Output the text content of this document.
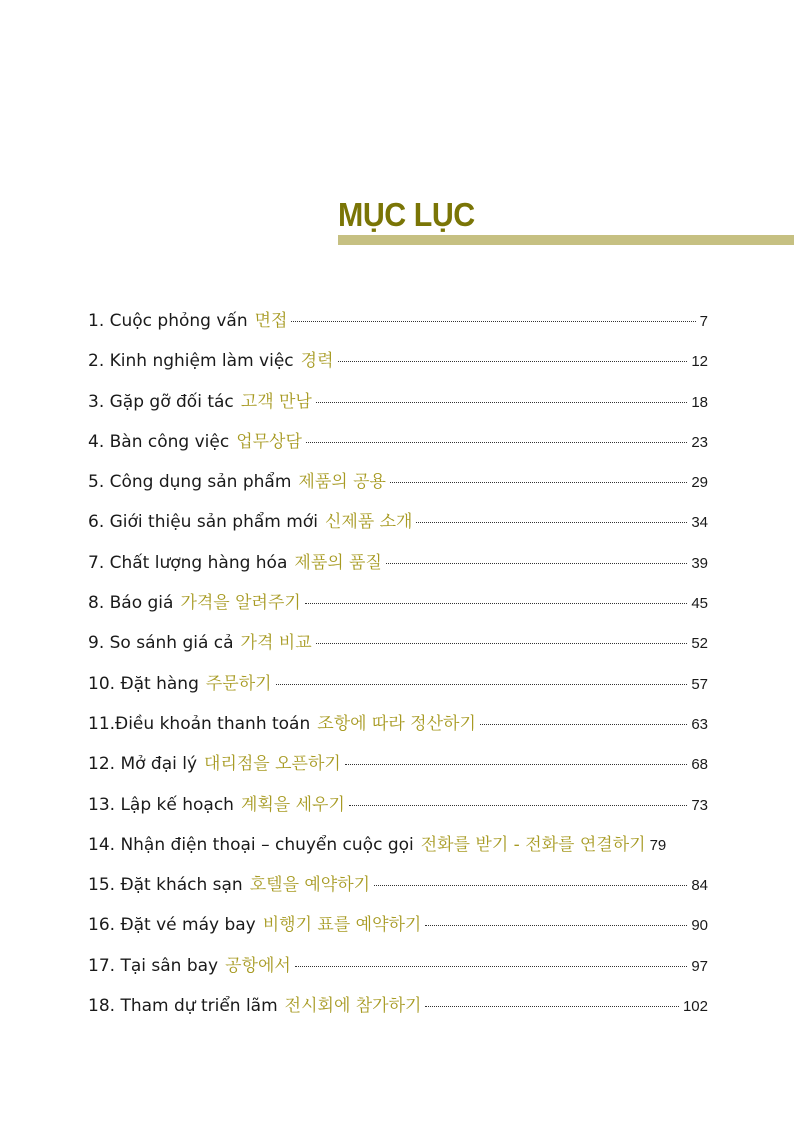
MỤC LỤC
1. Cuộc phỏng vấn 면접	7
2. Kinh nghiệm làm việc 경력	12
3. Gặp gỡ đối tác 고객 만남	18
4. Bàn công việc 업무상담	23
5. Công dụng sản phẩm 제품의 공용	29
6. Giới thiệu sản phẩm mới 신제품 소개	34
7. Chất lượng hàng hóa 제품의 품질	39
8. Báo giá 가격을 알려주기	45
9. So sánh giá cả 가격 비교	52
10. Đặt hàng 주문하기	57
11.Điều khoản thanh toán 조항에 따라 정산하기	63
12. Mở đại lý 대리점을 오픈하기	68
13. Lập kế hoạch 계획을 세우기	73
14. Nhận điện thoại – chuyển cuộc gọi 전화를 받기 - 전화를 연결하기 79
15. Đặt khách sạn 호텔을 예약하기	84
16. Đặt vé máy bay 비행기 표를 예약하기	90
17. Tại sân bay 공항에서	97
18. Tham dự triển lãm 전시회에 참가하기	102
